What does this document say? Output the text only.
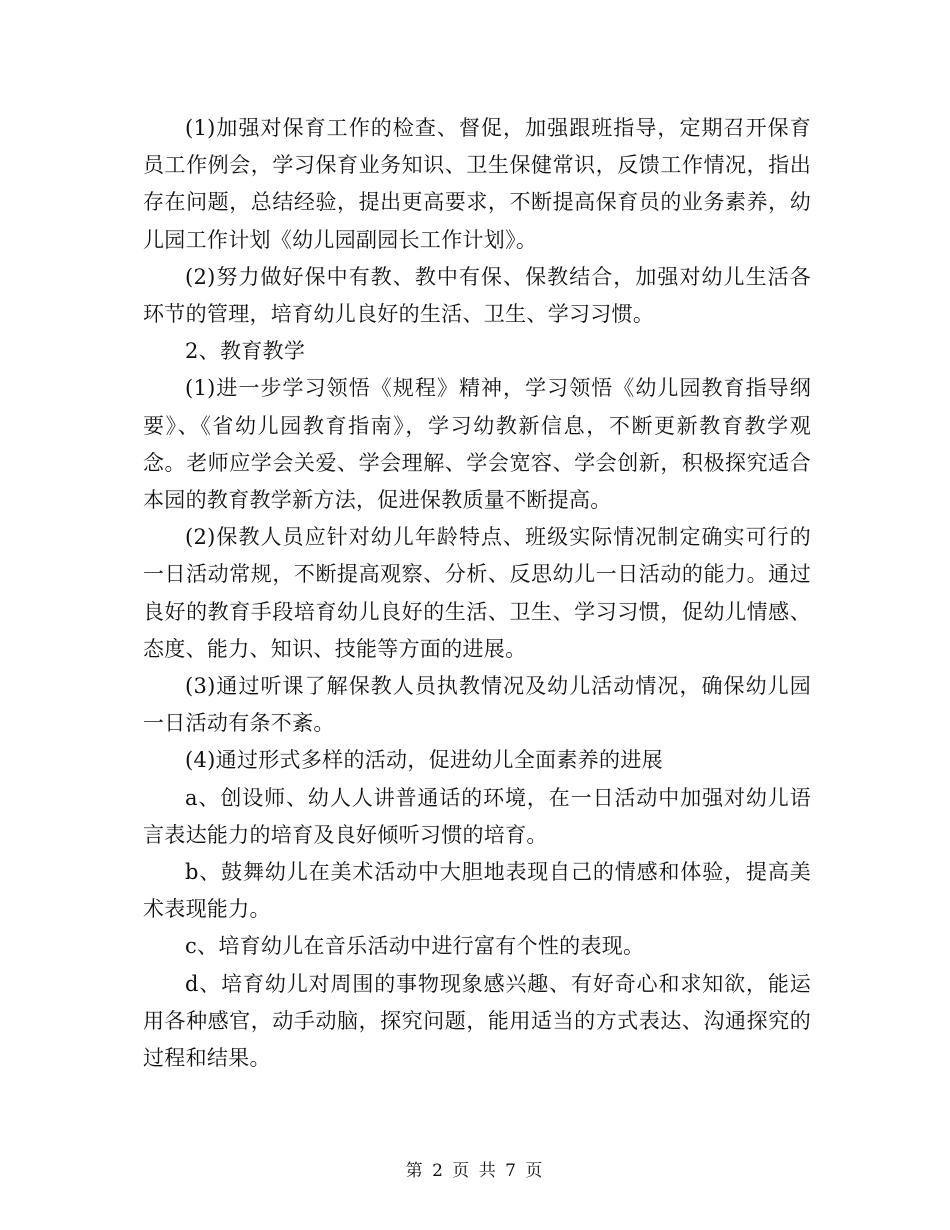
(1)加强对保育工作的检查、督促，加强跟班指导，定期召开保育员工作例会，学习保育业务知识、卫生保健常识，反馈工作情况，指出存在问题，总结经验，提出更高要求，不断提高保育员的业务素养，幼儿园工作计划《幼儿园副园长工作计划》。

(2)努力做好保中有教、教中有保、保教结合，加强对幼儿生活各环节的管理，培育幼儿良好的生活、卫生、学习习惯。

2、教育教学

(1)进一步学习领悟《规程》精神，学习领悟《幼儿园教育指导纲要》、《省幼儿园教育指南》，学习幼教新信息，不断更新教育教学观念。老师应学会关爱、学会理解、学会宽容、学会创新，积极探究适合本园的教育教学新方法，促进保教质量不断提高。

(2)保教人员应针对幼儿年龄特点、班级实际情况制定确实可行的一日活动常规，不断提高观察、分析、反思幼儿一日活动的能力。通过良好的教育手段培育幼儿良好的生活、卫生、学习习惯，促幼儿情感、态度、能力、知识、技能等方面的进展。

(3)通过听课了解保教人员执教情况及幼儿活动情况，确保幼儿园一日活动有条不紊。

(4)通过形式多样的活动，促进幼儿全面素养的进展

a、创设师、幼人人讲普通话的环境，在一日活动中加强对幼儿语言表达能力的培育及良好倾听习惯的培育。

b、鼓舞幼儿在美术活动中大胆地表现自己的情感和体验，提高美术表现能力。

c、培育幼儿在音乐活动中进行富有个性的表现。

d、培育幼儿对周围的事物现象感兴趣、有好奇心和求知欲，能运用各种感官，动手动脑，探究问题，能用适当的方式表达、沟通探究的过程和结果。

第 2 页 共 7 页
